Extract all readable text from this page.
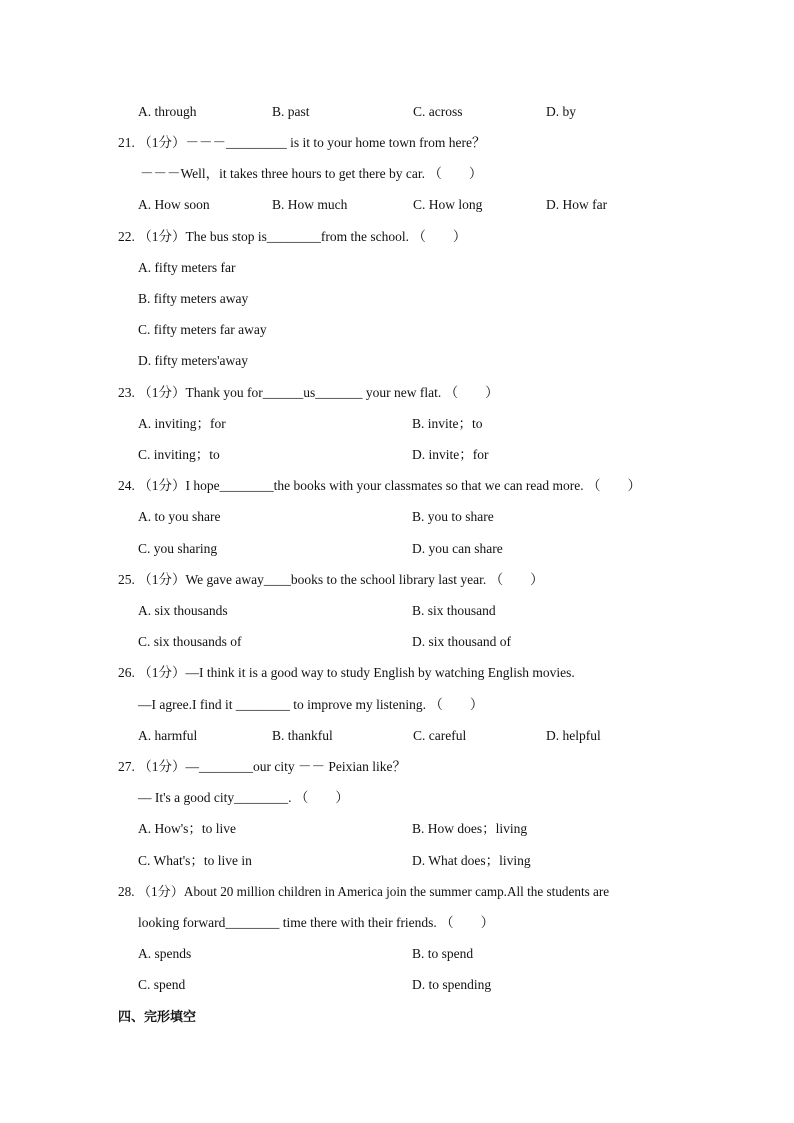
A. through	B. past	C. across	D. by
21. （1分）－－－_________ is it to your home town from here？
－－－Well，it takes three hours to get there by car. （　　）
A. How soon	B. How much	C. How long	D. How far
22. （1分）The bus stop is________from the school. （　　）
A. fifty meters far
B. fifty meters away
C. fifty meters far away
D. fifty meters'away
23. （1分）Thank you for______us_______ your new flat. （　　）
A. inviting；for	B. invite；to
C. inviting；to	D. invite；for
24. （1分）I hope________the books with your classmates so that we can read more. （　　）
A. to you share	B. you to share
C. you sharing	D. you can share
25. （1分）We gave away____books to the school library last year. （　　）
A. six thousands	B. six thousand
C. six thousands of	D. six thousand of
26. （1分）—I think it is a good way to study English by watching English movies.
—I agree.I find it ________ to improve my listening. （　　）
A. harmful	B. thankful	C. careful	D. helpful
27. （1分）—________our city －－ Peixian like？
— It's a good city________. （　　）
A. How's；to live	B. How does；living
C. What's；to live in	D. What does；living
28. （1分）About 20 million children in America join the summer camp.All the students are
looking forward________ time there with their friends. （　　）
A. spends	B. to spend
C. spend	D. to spending
四、完形填空
